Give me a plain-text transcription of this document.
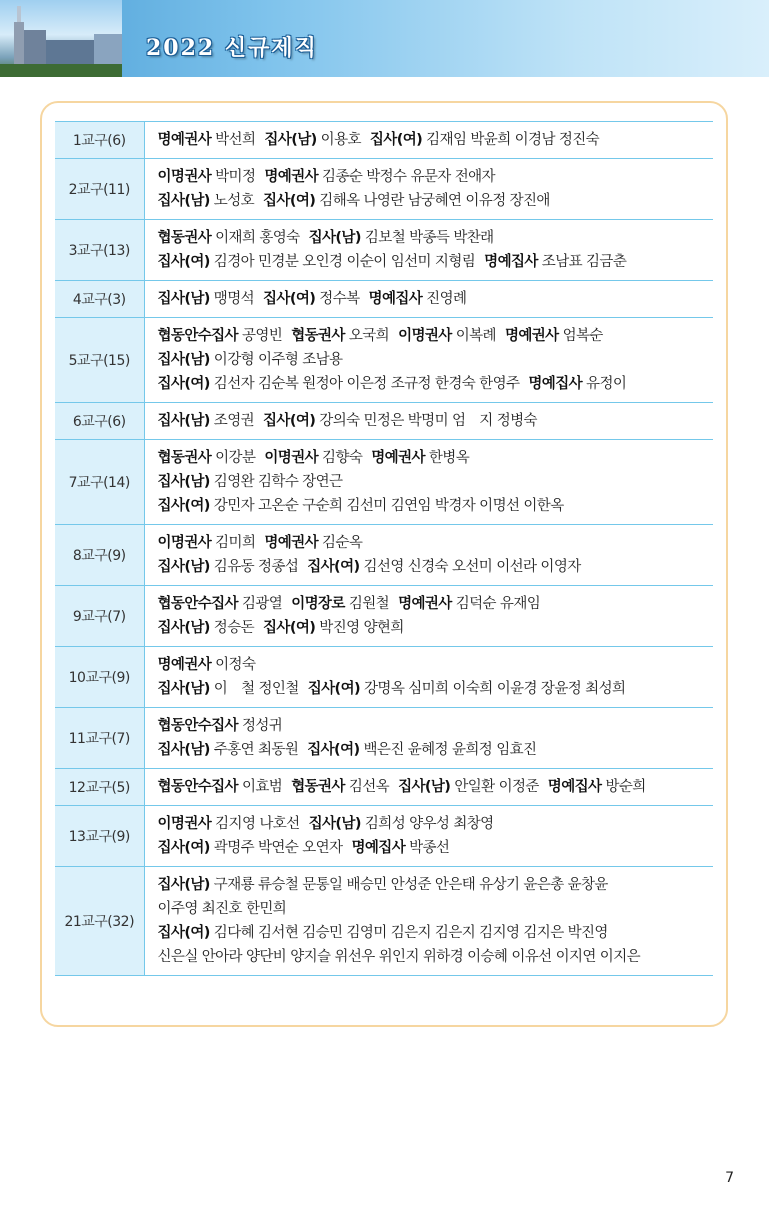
2022 신규제직
1교구(6)	명예권사 박선희 집사(남) 이용호 집사(여) 김재임 박윤희 이경남 정진숙

2교구(11)	이명권사 박미정 명예권사 김종순 박정수 유문자 전애자
집사(남) 노성호 집사(여) 김해옥 나영란 남궁혜연 이유정 장진애

3교구(13)	협동권사 이재희 홍영숙 집사(남) 김보철 박종득 박찬래
집사(여) 김경아 민경분 오인경 이순이 임선미 지형림 명예집사 조남표 김금춘

4교구(3)	집사(남) 맹명석 집사(여) 정수복 명예집사 진영례

5교구(15)	협동안수집사 공영빈 협동권사 오국희 이명권사 이복례 명예권사 엄복순
집사(남) 이강형 이주형 조남용
집사(여) 김선자 김순복 원정아 이은정 조규정 한경숙 한영주 명예집사 유정이

6교구(6)	집사(남) 조영권 집사(여) 강의숙 민정은 박명미 엄　지 정병숙

7교구(14)	협동권사 이강분 이명권사 김향숙 명예권사 한병옥
집사(남) 김영완 김학수 장연근
집사(여) 강민자 고온순 구순희 김선미 김연임 박경자 이명선 이한옥

8교구(9)	이명권사 김미희 명예권사 김순옥
집사(남) 김유동 정종섭 집사(여) 김선영 신경숙 오선미 이선라 이영자

9교구(7)	협동안수집사 김광열 이명장로 김원철 명예권사 김덕순 유재임
집사(남) 정승돈 집사(여) 박진영 양현희

10교구(9)	명예권사 이정숙
집사(남) 이　철 정인철 집사(여) 강명옥 심미희 이숙희 이윤경 장윤정 최성희

11교구(7)	협동안수집사 정성귀
집사(남) 주홍연 최동원 집사(여) 백은진 윤혜정 윤희정 임효진

12교구(5)	협동안수집사 이효범 협동권사 김선옥 집사(남) 안일환 이정준 명예집사 방순희

13교구(9)	이명권사 김지영 나호선 집사(남) 김희성 양우성 최창영
집사(여) 곽명주 박연순 오연자 명예집사 박종선

21교구(32)	집사(남) 구재룡 류승철 문통일 배승민 안성준 안은태 유상기 윤은총 윤창윤
이주영 최진호 한민희
집사(여) 김다혜 김서현 김승민 김영미 김은지 김은지 김지영 김지은 박진영
신은실 안아라 양단비 양지슬 위선우 위인지 위하경 이승혜 이유선 이지연 이지은
7
